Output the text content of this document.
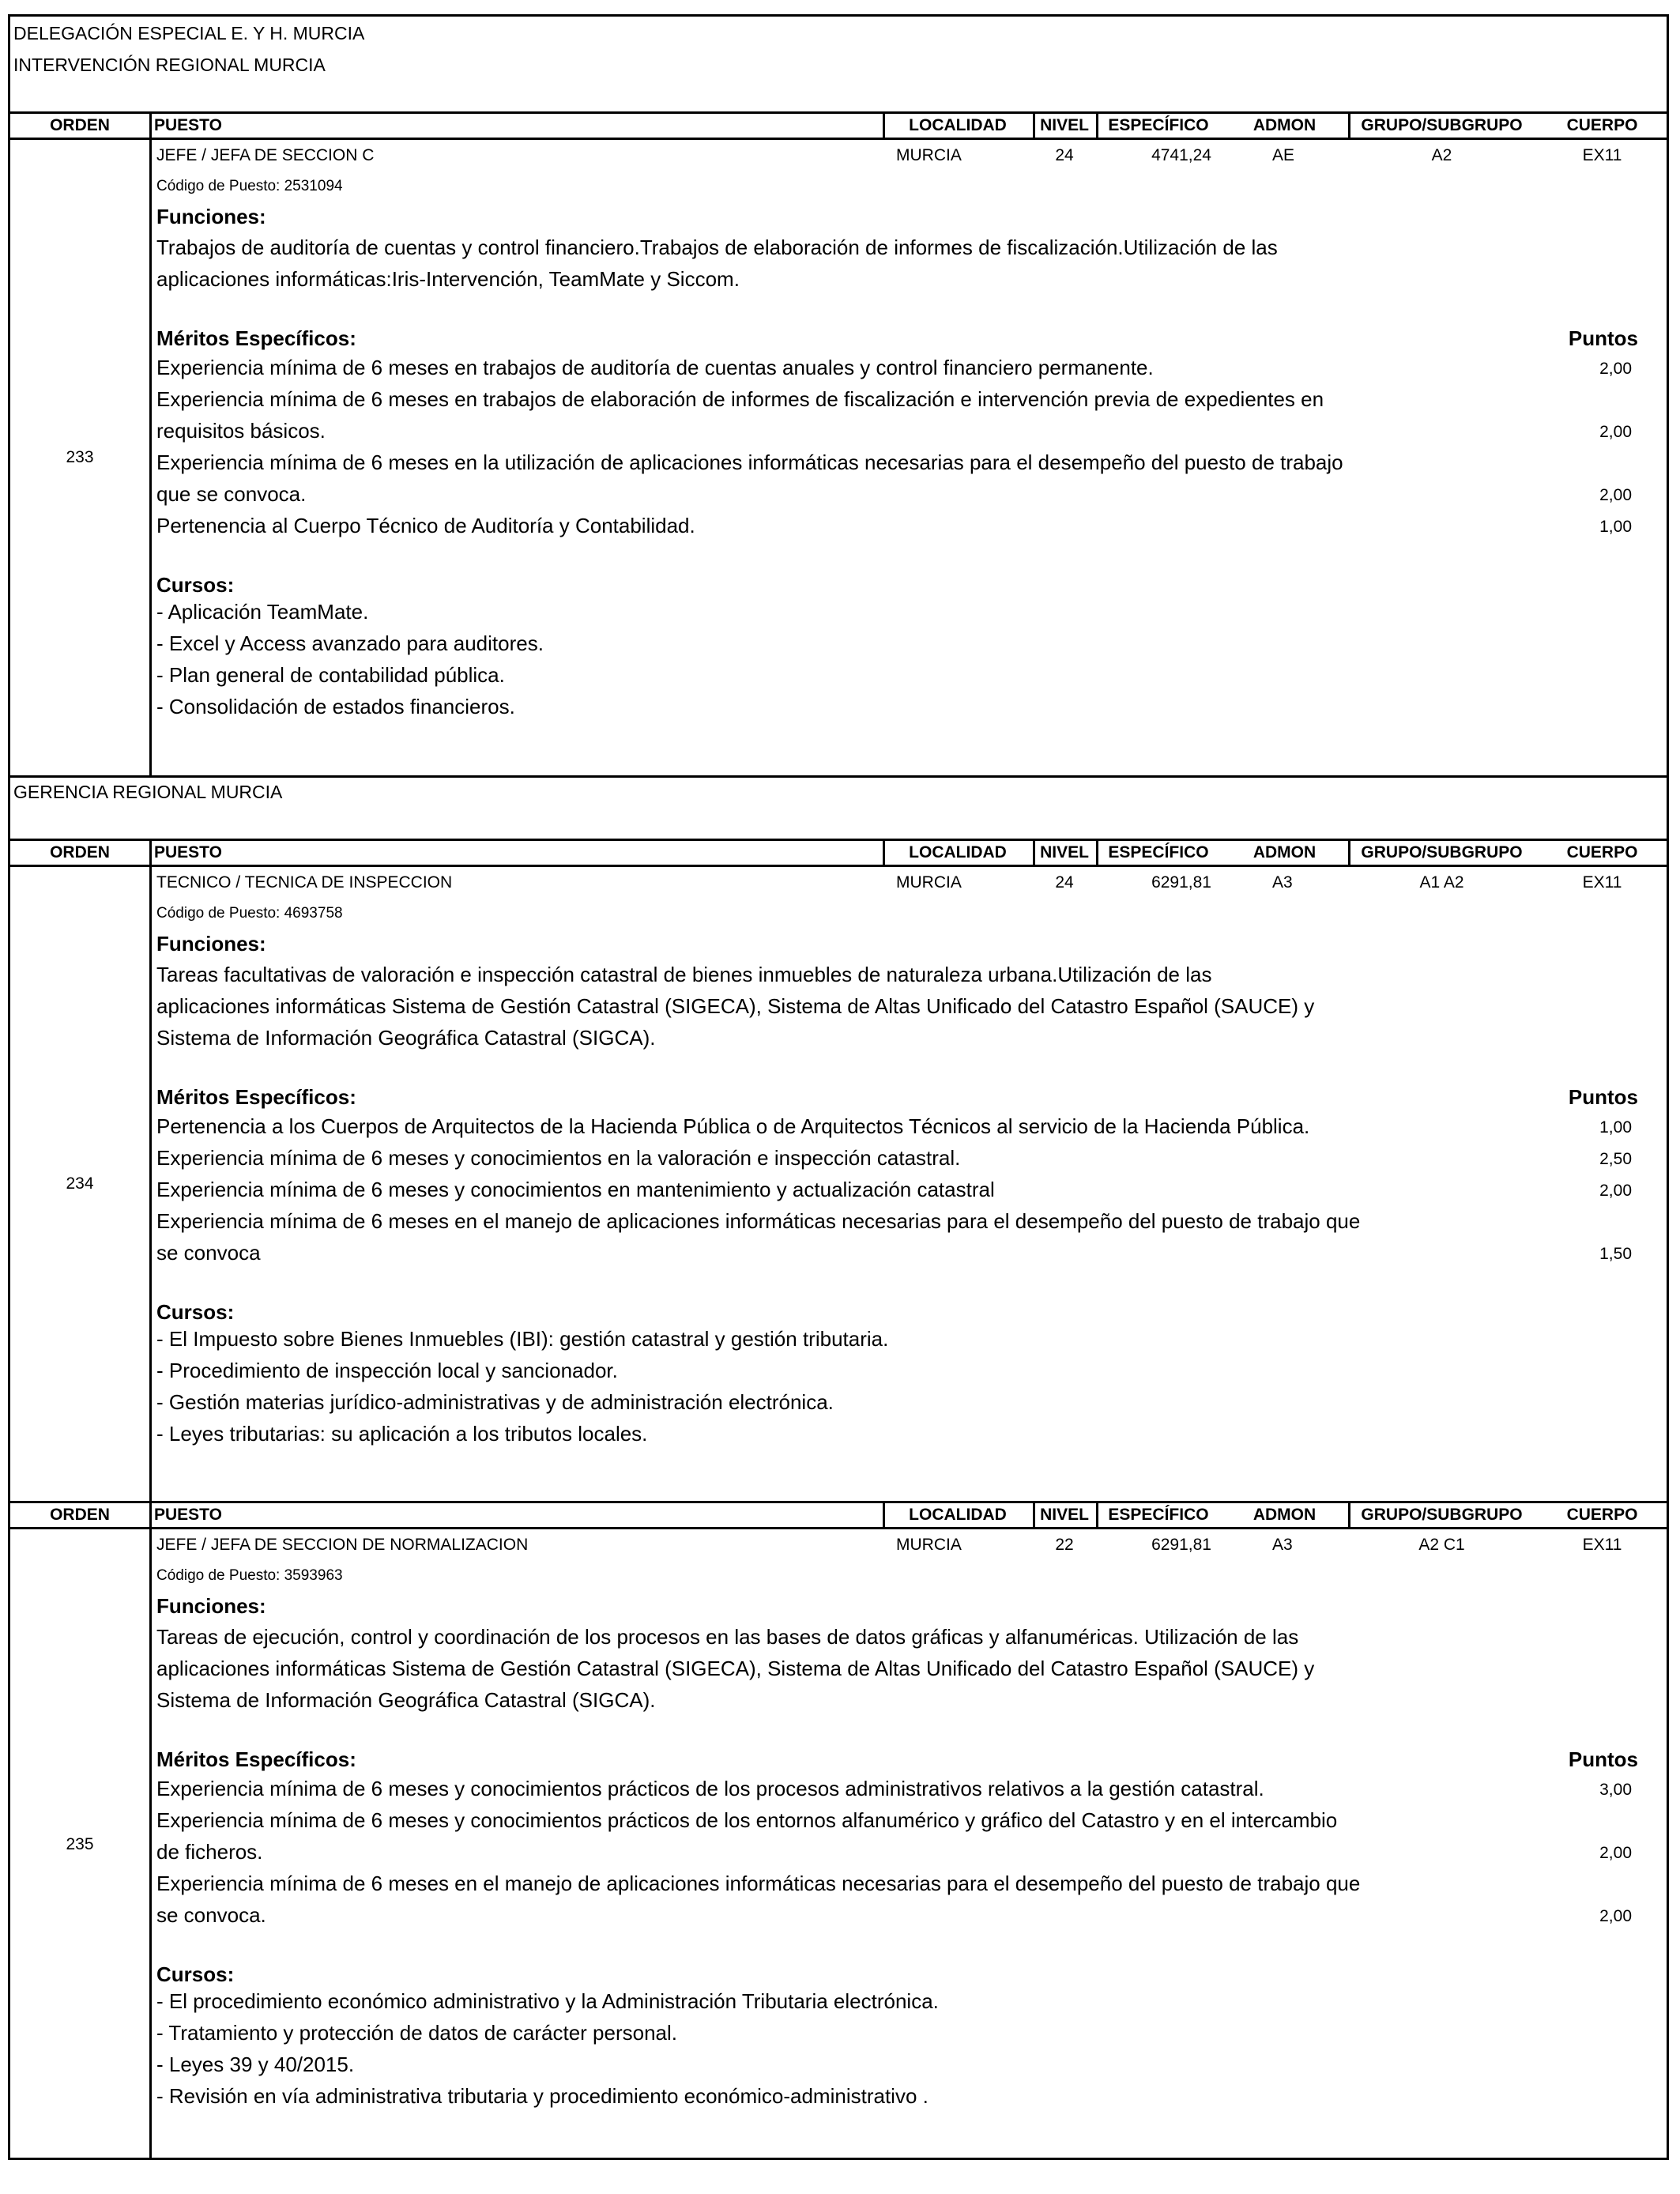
DELEGACIÓN ESPECIAL E. Y H. MURCIA
INTERVENCIÓN REGIONAL MURCIA
ORDEN	PUESTO	LOCALIDAD	NIVEL	ESPECÍFICO	ADMON	GRUPO/SUBGRUPO	CUERPO
233
JEFE / JEFA DE SECCION C	MURCIA	24	4741,24	AE	A2	EX11
Código de Puesto: 2531094
Funciones:
Trabajos de auditoría de cuentas y control financiero.Trabajos de elaboración de informes de fiscalización.Utilización de las
aplicaciones informáticas:Iris-Intervención, TeamMate y Siccom.
Méritos Específicos:	Puntos
Experiencia mínima de 6 meses en trabajos de auditoría de cuentas anuales y control financiero permanente.	2,00
Experiencia mínima de 6 meses en trabajos de elaboración de informes de fiscalización e intervención previa de expedientes en
requisitos básicos.	2,00
Experiencia mínima de 6 meses en la utilización de aplicaciones informáticas necesarias para el desempeño del puesto de trabajo
que se convoca.	2,00
Pertenencia al Cuerpo Técnico de Auditoría y Contabilidad.	1,00
Cursos:
- Aplicación TeamMate.
- Excel y Access avanzado para auditores.
- Plan general de contabilidad pública.
- Consolidación de estados financieros.
GERENCIA REGIONAL MURCIA
ORDEN	PUESTO	LOCALIDAD	NIVEL	ESPECÍFICO	ADMON	GRUPO/SUBGRUPO	CUERPO
234
TECNICO / TECNICA DE INSPECCION	MURCIA	24	6291,81	A3	A1 A2	EX11
Código de Puesto: 4693758
Funciones:
Tareas facultativas de valoración e inspección catastral de bienes inmuebles de naturaleza urbana.Utilización de las
aplicaciones informáticas Sistema de Gestión Catastral (SIGECA), Sistema de Altas Unificado del Catastro Español (SAUCE) y
Sistema de Información Geográfica Catastral (SIGCA).
Méritos Específicos:	Puntos
Pertenencia a los Cuerpos de Arquitectos de la Hacienda Pública o de Arquitectos Técnicos al servicio de la Hacienda Pública.	1,00
Experiencia mínima de 6 meses y conocimientos en la valoración e inspección catastral.	2,50
Experiencia mínima de 6 meses y conocimientos en mantenimiento y actualización catastral	2,00
Experiencia mínima de 6 meses en el manejo de aplicaciones informáticas necesarias para el desempeño del puesto de trabajo que
se convoca	1,50
Cursos:
- El Impuesto sobre Bienes Inmuebles (IBI): gestión catastral y gestión tributaria.
- Procedimiento de inspección local y sancionador.
- Gestión materias jurídico-administrativas y de administración electrónica.
- Leyes tributarias: su aplicación a los tributos locales.
ORDEN	PUESTO	LOCALIDAD	NIVEL	ESPECÍFICO	ADMON	GRUPO/SUBGRUPO	CUERPO
235
JEFE / JEFA DE SECCION DE NORMALIZACION	MURCIA	22	6291,81	A3	A2 C1	EX11
Código de Puesto: 3593963
Funciones:
Tareas de ejecución, control y coordinación de los procesos en las bases de datos gráficas y alfanuméricas. Utilización de las
aplicaciones informáticas Sistema de Gestión Catastral (SIGECA), Sistema de Altas Unificado del Catastro Español (SAUCE) y
Sistema de Información Geográfica Catastral (SIGCA).
Méritos Específicos:	Puntos
Experiencia mínima de 6 meses y conocimientos prácticos de los procesos administrativos relativos a la gestión catastral.	3,00
Experiencia mínima de 6 meses y conocimientos prácticos de los entornos alfanumérico y gráfico del Catastro y en el intercambio
de ficheros.	2,00
Experiencia mínima de 6 meses en el manejo de aplicaciones informáticas necesarias para el desempeño del puesto de trabajo que
se convoca.	2,00
Cursos:
- El procedimiento económico administrativo y la Administración Tributaria electrónica.
- Tratamiento y protección de datos de carácter personal.
- Leyes 39 y 40/2015.
- Revisión en vía administrativa tributaria y procedimiento económico-administrativo .
